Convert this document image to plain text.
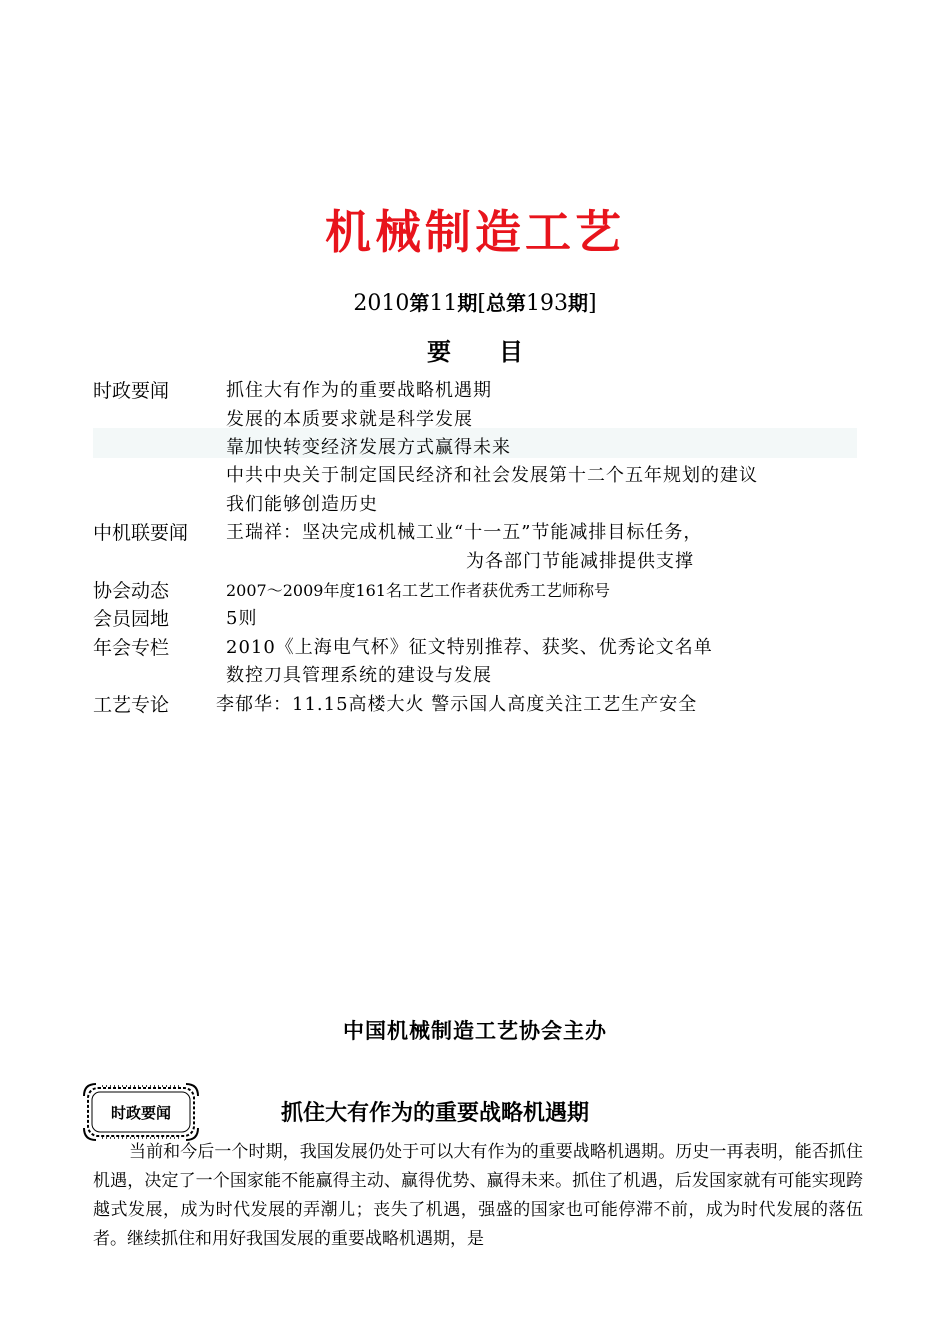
机械制造工艺
2010第11期[总第193期]
要 目
时政要闻	抓住大有作为的重要战略机遇期
发展的本质要求就是科学发展
靠加快转变经济发展方式赢得未来
中共中央关于制定国民经济和社会发展第十二个五年规划的建议
我们能够创造历史
中机联要闻 王瑞祥：坚决完成机械工业“十一五”节能减排目标任务，
为各部门节能减排提供支撑
协会动态	2007～2009年度161名工艺工作者获优秀工艺师称号
会员园地	5则
年会专栏	2010《上海电气杯》征文特别推荐、获奖、优秀论文名单
数控刀具管理系统的建设与发展
工艺专论	李郁华：11.15高楼大火 警示国人高度关注工艺生产安全
中国机械制造工艺协会主办
时政要闻	抓住大有作为的重要战略机遇期

当前和今后一个时期，我国发展仍处于可以大有作为的重要战略机遇期。历史一再表明，能否抓住机遇，决定了一个国家能不能赢得主动、赢得优势、赢得未来。抓住了机遇，后发国家就有可能实现跨越式发展，成为时代发展的弄潮儿；丧失了机遇，强盛的国家也可能停滞不前，成为时代发展的落伍者。继续抓住和用好我国发展的重要战略机遇期，是
